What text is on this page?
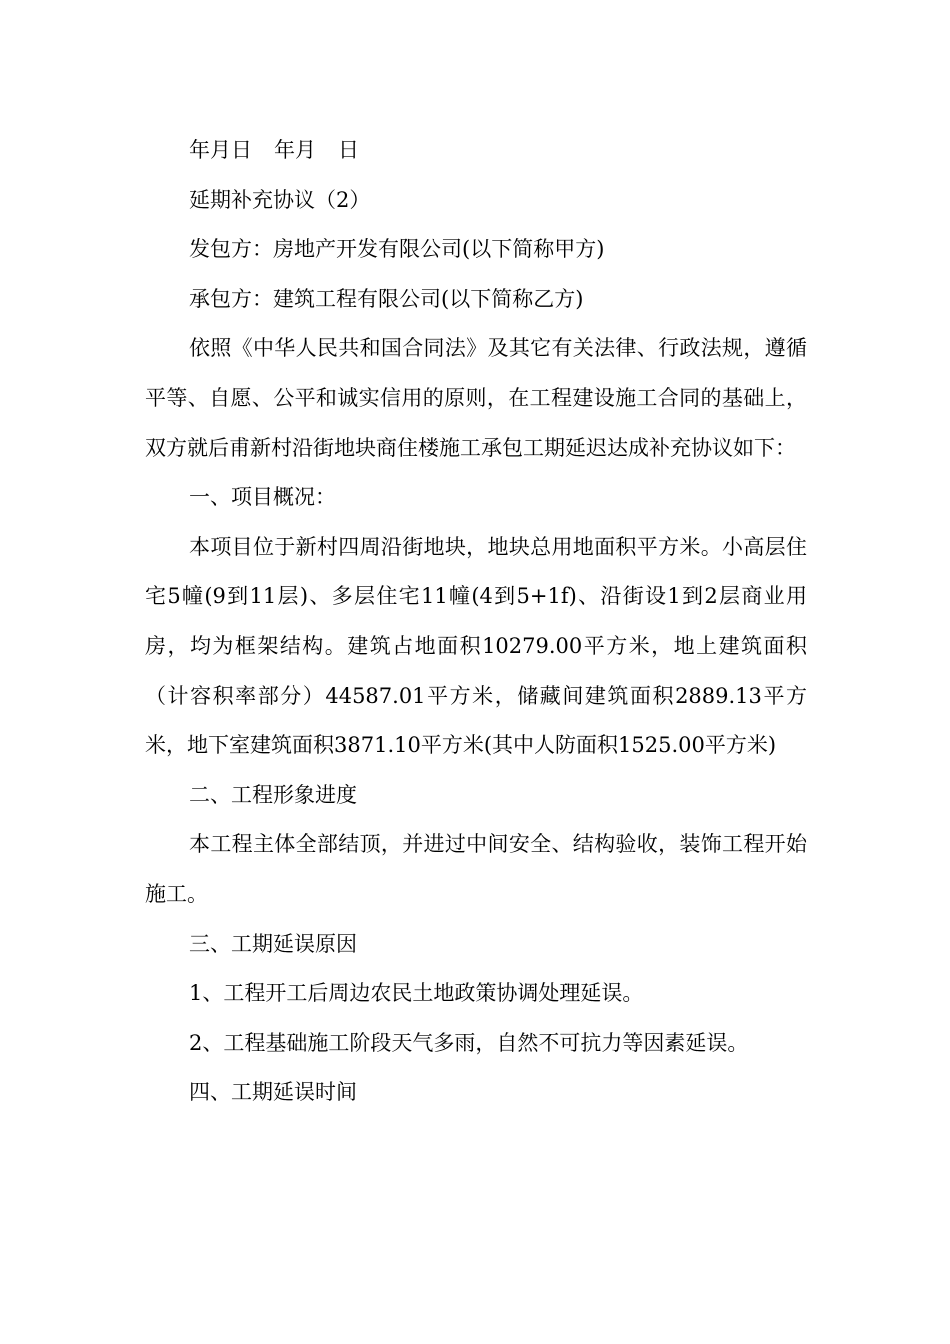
年月日 年月 日

延期补充协议（2）

发包方：房地产开发有限公司(以下简称甲方)

承包方：建筑工程有限公司(以下简称乙方)

依照《中华人民共和国合同法》及其它有关法律、行政法规，遵循平等、自愿、公平和诚实信用的原则，在工程建设施工合同的基础上，双方就后甫新村沿街地块商住楼施工承包工期延迟达成补充协议如下：

一、项目概况：

本项目位于新村四周沿街地块，地块总用地面积平方米。小高层住宅5幢(9到11层)、多层住宅11幢(4到5+1f)、沿街设1到2层商业用房，均为框架结构。建筑占地面积10279.00平方米，地上建筑面积（计容积率部分）44587.01平方米，储藏间建筑面积2889.13平方米，地下室建筑面积3871.10平方米(其中人防面积1525.00平方米)

二、工程形象进度

本工程主体全部结顶，并进过中间安全、结构验收，装饰工程开始施工。

三、工期延误原因

1、工程开工后周边农民土地政策协调处理延误。

2、工程基础施工阶段天气多雨，自然不可抗力等因素延误。

四、工期延误时间
